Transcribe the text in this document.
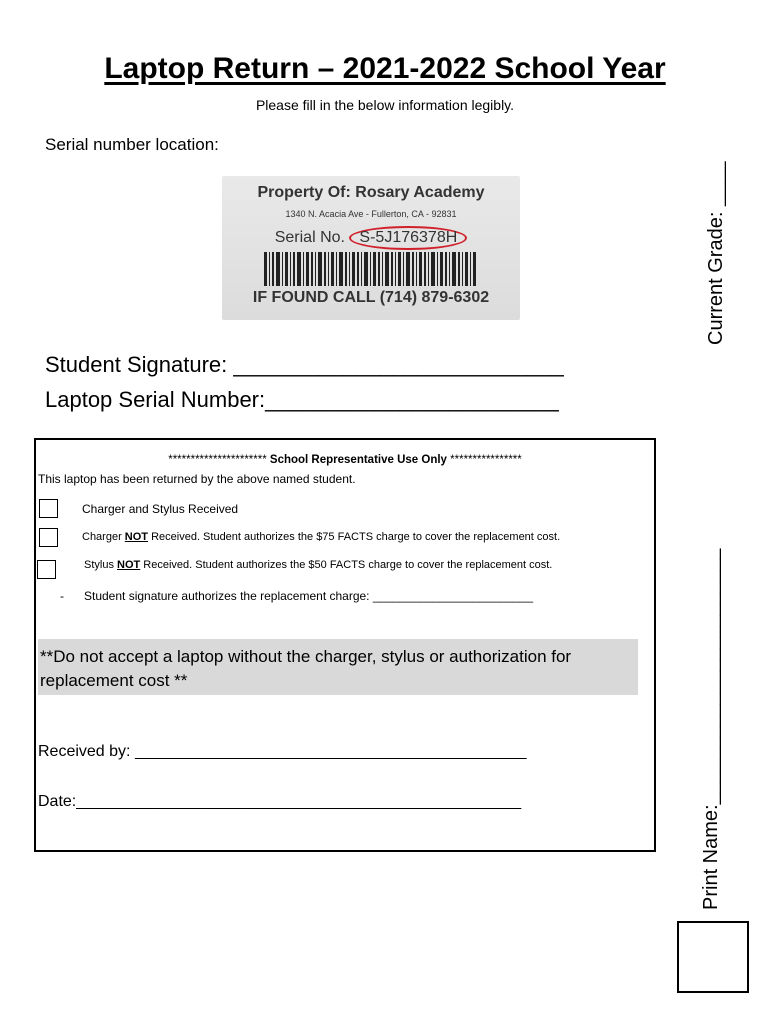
Laptop Return – 2021-2022 School Year
Please fill in the below information legibly.
Serial number location:
Property Of: Rosary Academy
1340 N. Acacia Ave - Fullerton, CA - 92831
Serial No. S-5J176378H
IF FOUND CALL (714) 879-6302
Student Signature: ___________________________
Laptop Serial Number:________________________
********************** School Representative Use Only ****************
This laptop has been returned by the above named student.
Charger and Stylus Received
Charger NOT Received. Student authorizes the $75 FACTS charge to cover the replacement cost.
Stylus NOT Received. Student authorizes the $50 FACTS charge to cover the replacement cost.
- Student signature authorizes the replacement charge: ________________________
**Do not accept a laptop without the charger, stylus or authorization for replacement cost **
Received by: ____________________________________________
Date:__________________________________________________
Current Grade: ____
Print Name:_______________________
